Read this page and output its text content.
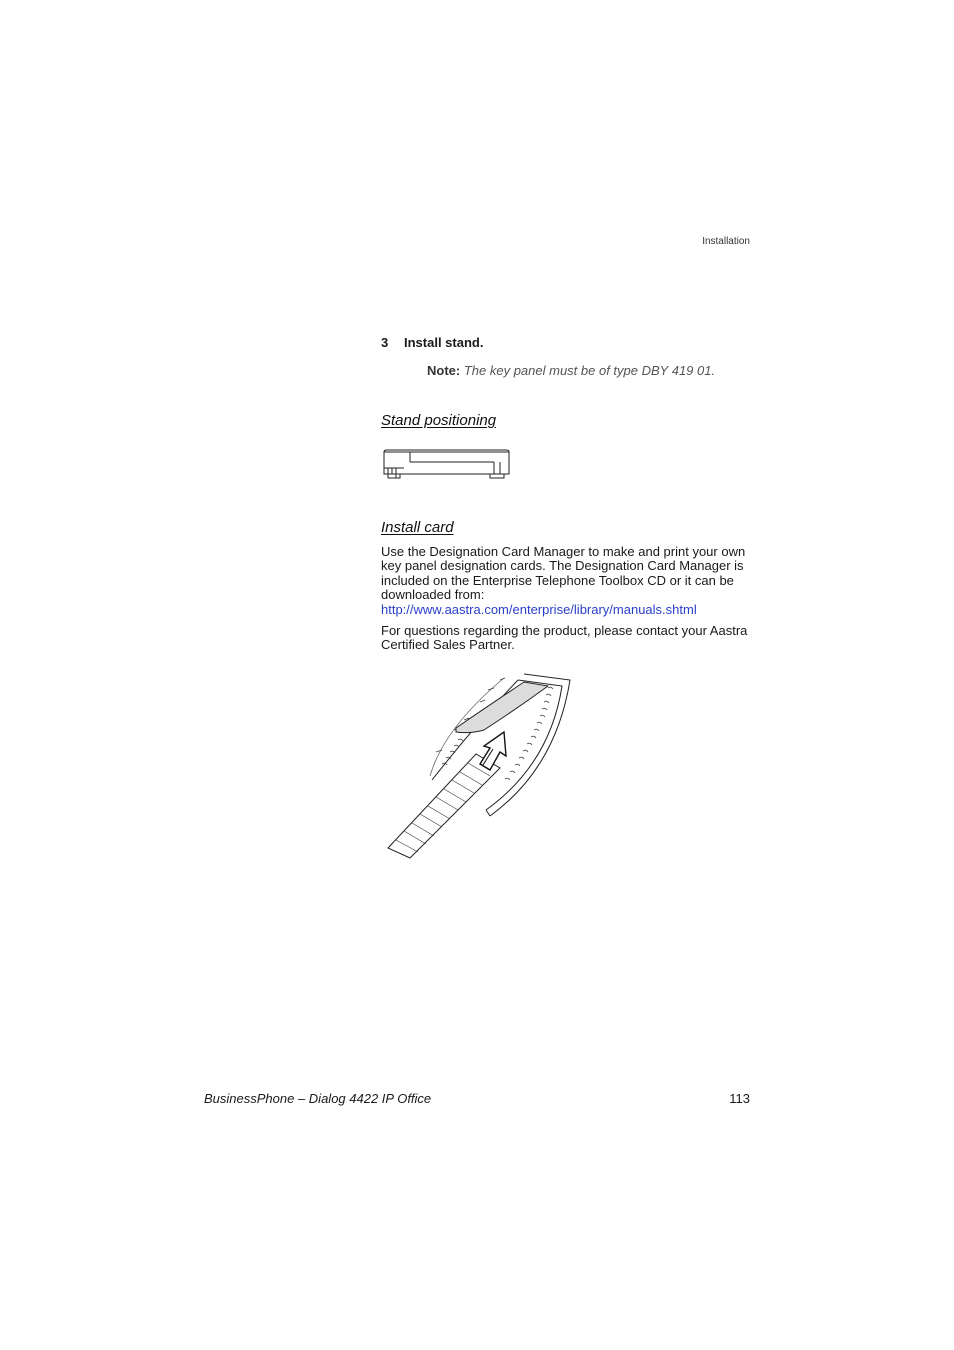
Installation
3 Install stand.
Note: The key panel must be of type DBY 419 01.
Stand positioning
Install card
Use the Designation Card Manager to make and print your own key panel designation cards. The Designation Card Manager is included on the Enterprise Telephone Toolbox CD or it can be downloaded from:
http://www.aastra.com/enterprise/library/manuals.shtml
For questions regarding the product, please contact your Aastra Certified Sales Partner.
BusinessPhone – Dialog 4422 IP Office	113
